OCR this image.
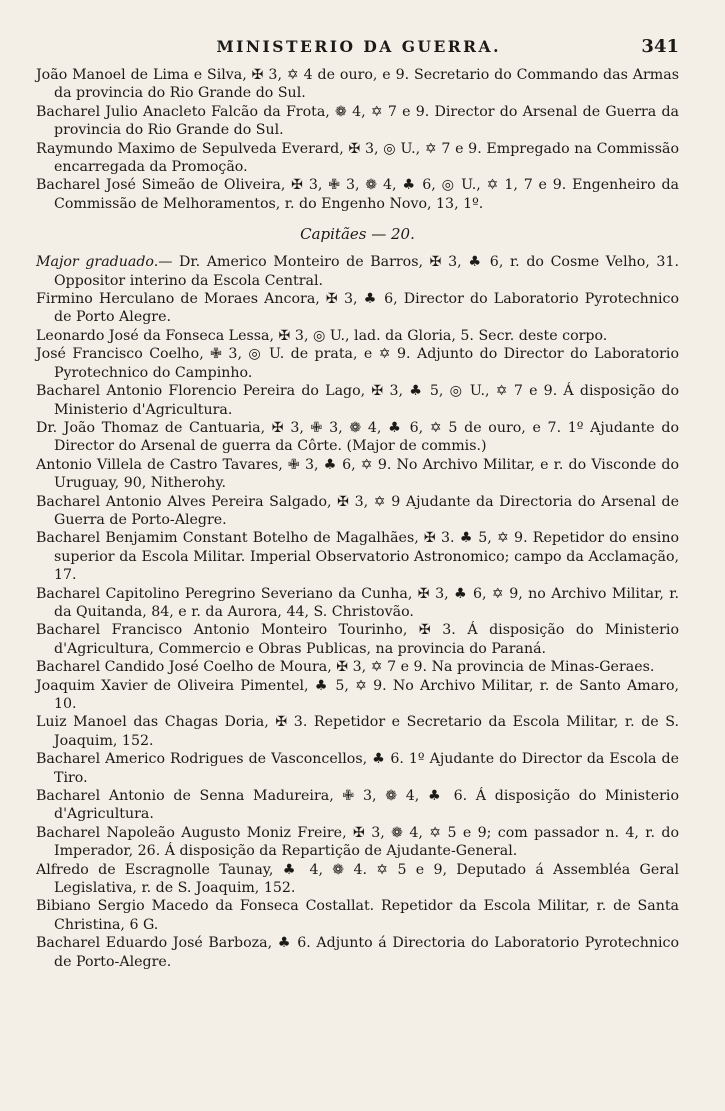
MINISTERIO DA GUERRA.	341

João Manoel de Lima e Silva, ✠ 3, ✡ 4 de ouro, e 9. Secretario do Commando das Armas da provincia do Rio Grande do Sul.

Bacharel Julio Anacleto Falcão da Frota, ❁ 4, ✡ 7 e 9. Director do Arsenal de Guerra da provincia do Rio Grande do Sul.

Raymundo Maximo de Sepulveda Everard, ✠ 3, ◎ U., ✡ 7 e 9. Empregado na Commissão encarregada da Promoção.

Bacharel José Simeão de Oliveira, ✠ 3, ✙ 3, ❁ 4, ♣ 6, ◎ U., ✡ 1, 7 e 9. Engenheiro da Commissão de Melhoramentos, r. do Engenho Novo, 13, 1º.

Capitães — 20.

Major graduado.— Dr. Americo Monteiro de Barros, ✠ 3, ♣ 6, r. do Cosme Velho, 31. Oppositor interino da Escola Central.

Firmino Herculano de Moraes Ancora, ✠ 3, ♣ 6, Director do Laboratorio Pyrotechnico de Porto Alegre.

Leonardo José da Fonseca Lessa, ✠ 3, ◎ U., lad. da Gloria, 5. Secr. deste corpo.

José Francisco Coelho, ✙ 3, ◎ U. de prata, e ✡ 9. Adjunto do Director do Laboratorio Pyrotechnico do Campinho.

Bacharel Antonio Florencio Pereira do Lago, ✠ 3, ♣ 5, ◎ U., ✡ 7 e 9. Á disposição do Ministerio d'Agricultura.

Dr. João Thomaz de Cantuaria, ✠ 3, ✙ 3, ❁ 4, ♣ 6, ✡ 5 de ouro, e 7. 1º Ajudante do Director do Arsenal de guerra da Côrte. (Major de commis.)

Antonio Villela de Castro Tavares, ✙ 3, ♣ 6, ✡ 9. No Archivo Militar, e r. do Visconde do Uruguay, 90, Nitherohy.

Bacharel Antonio Alves Pereira Salgado, ✠ 3, ✡ 9 Ajudante da Directoria do Arsenal de Guerra de Porto-Alegre.

Bacharel Benjamim Constant Botelho de Magalhães, ✠ 3. ♣ 5, ✡ 9. Repetidor do ensino superior da Escola Militar. Imperial Observatorio Astronomico; campo da Acclamação, 17.

Bacharel Capitolino Peregrino Severiano da Cunha, ✠ 3, ♣ 6, ✡ 9, no Archivo Militar, r. da Quitanda, 84, e r. da Aurora, 44, S. Christovão.

Bacharel Francisco Antonio Monteiro Tourinho, ✠ 3. Á disposição do Ministerio d'Agricultura, Commercio e Obras Publicas, na provincia do Paraná.

Bacharel Candido José Coelho de Moura, ✠ 3, ✡ 7 e 9. Na provincia de Minas-Geraes.

Joaquim Xavier de Oliveira Pimentel, ♣ 5, ✡ 9. No Archivo Militar, r. de Santo Amaro, 10.

Luiz Manoel das Chagas Doria, ✠ 3. Repetidor e Secretario da Escola Militar, r. de S. Joaquim, 152.

Bacharel Americo Rodrigues de Vasconcellos, ♣ 6. 1º Ajudante do Director da Escola de Tiro.

Bacharel Antonio de Senna Madureira, ✙ 3, ❁ 4, ♣ 6. Á disposição do Ministerio d'Agricultura.

Bacharel Napoleão Augusto Moniz Freire, ✠ 3, ❁ 4, ✡ 5 e 9; com passador n. 4, r. do Imperador, 26. Á disposição da Repartição de Ajudante-General.

Alfredo de Escragnolle Taunay, ♣ 4, ❁ 4. ✡ 5 e 9, Deputado á Assembléa Geral Legislativa, r. de S. Joaquim, 152.

Bibiano Sergio Macedo da Fonseca Costallat. Repetidor da Escola Militar, r. de Santa Christina, 6 G.

Bacharel Eduardo José Barboza, ♣ 6. Adjunto á Directoria do Laboratorio Pyrotechnico de Porto-Alegre.
